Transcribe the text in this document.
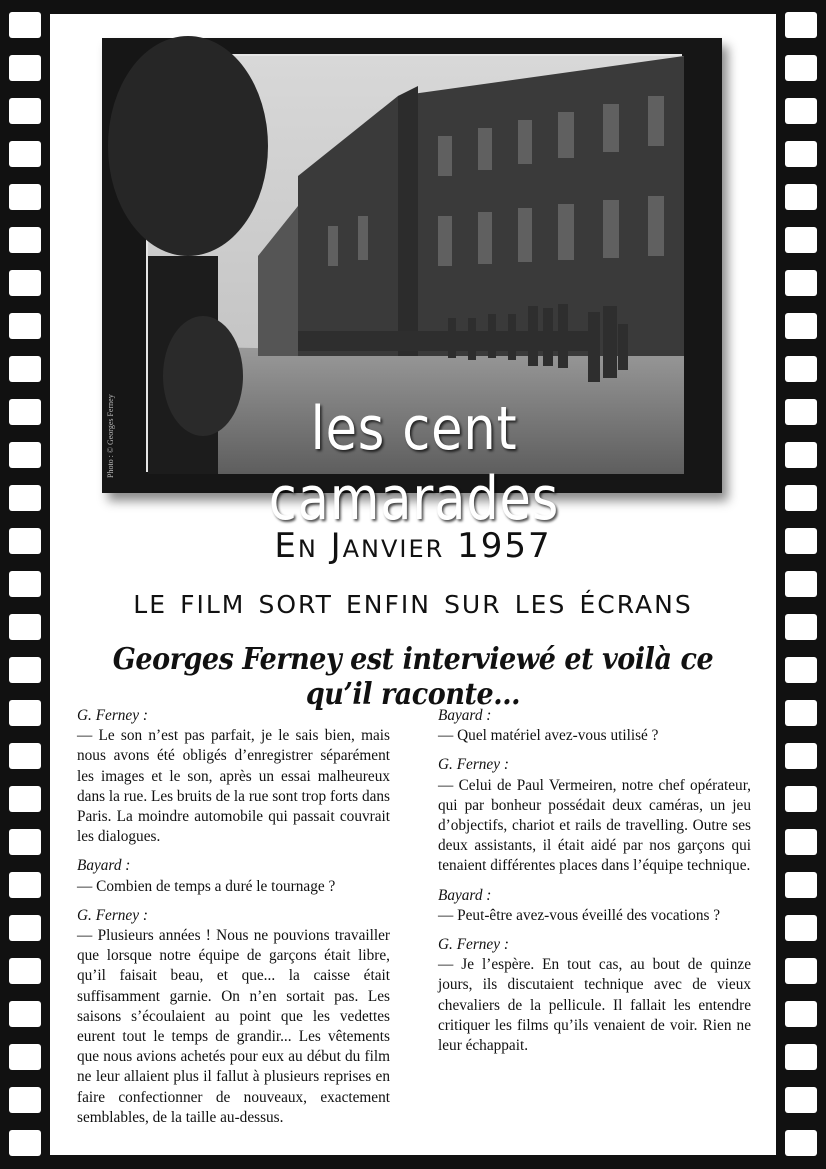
Photo : © Georges Ferney	les cent camarades
En Janvier 1957
le film sort enfin sur les écrans
Georges Ferney est interviewé et voilà ce qu’il raconte...
G. Ferney :
— Le son n’est pas parfait, je le sais bien, mais nous avons été obligés d’enregistrer séparément les images et le son, après un essai malheureux dans la rue. Les bruits de la rue sont trop forts dans Paris. La moindre automobile qui passait couvrait les dialogues.
Bayard :
— Combien de temps a duré le tournage ?
G. Ferney :
— Plusieurs années ! Nous ne pouvions travailler que lorsque notre équipe de garçons était libre, qu’il faisait beau, et que... la caisse était suffisamment garnie. On n’en sortait pas. Les saisons s’écoulaient au point que les vedettes eurent tout le temps de grandir... Les vêtements que nous avions achetés pour eux au début du film ne leur allaient plus il fallut à plusieurs reprises en faire confectionner de nouveaux, exactement semblables, de la taille au-dessus.
Bayard :
— Quel matériel avez-vous utilisé ?
G. Ferney :
— Celui de Paul Vermeiren, notre chef opérateur, qui par bonheur possédait deux caméras, un jeu d’objectifs, chariot et rails de travelling. Outre ses deux assistants, il était aidé par nos garçons qui tenaient différentes places dans l’équipe technique.
Bayard :
— Peut-être avez-vous éveillé des vocations ?
G. Ferney :
— Je l’espère. En tout cas, au bout de quinze jours, ils discutaient technique avec de vieux chevaliers de la pellicule. Il fallait les entendre critiquer les films qu’ils venaient de voir. Rien ne leur échappait.
